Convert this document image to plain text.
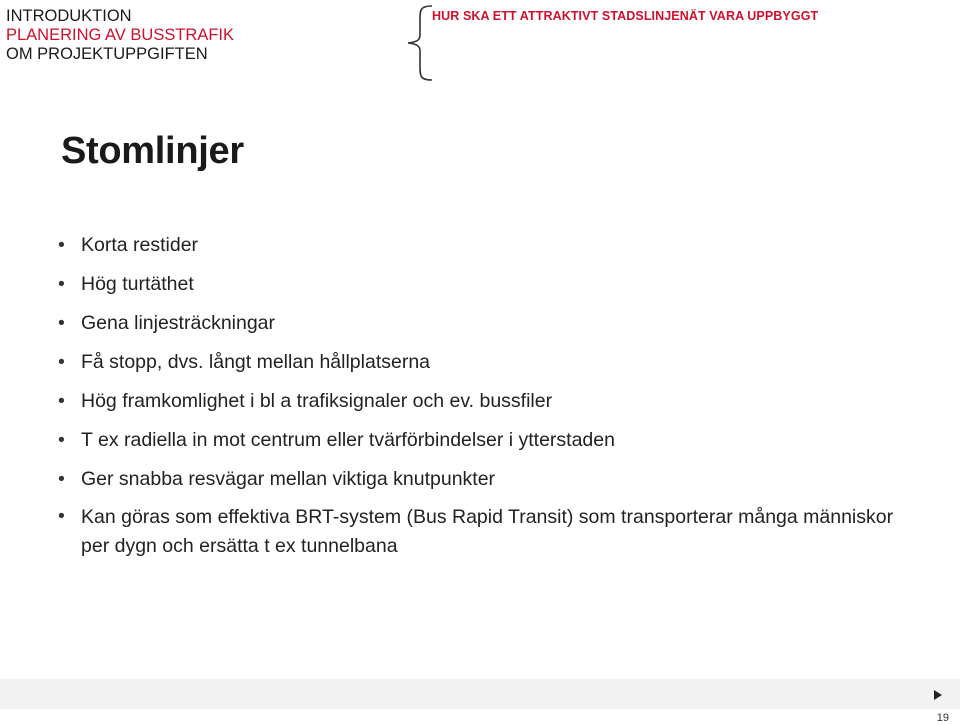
INTRODUKTION
PLANERING AV BUSSTRAFIK
OM PROJEKTUPPGIFTEN
HUR SKA ETT ATTRAKTIVT STADSLINJENÄT VARA UPPBYGGT
Stomlinjer
• Korta restider
• Hög turtäthet
• Gena linjesträckningar
• Få stopp, dvs. långt mellan hållplatserna
• Hög framkomlighet i bl a trafiksignaler och ev. bussfiler
• T ex radiella in mot centrum eller tvärförbindelser i ytterstaden
• Ger snabba resvägar mellan viktiga knutpunkter
• Kan göras som effektiva BRT-system (Bus Rapid Transit) som transporterar många människor per dygn och ersätta t ex tunnelbana
19
